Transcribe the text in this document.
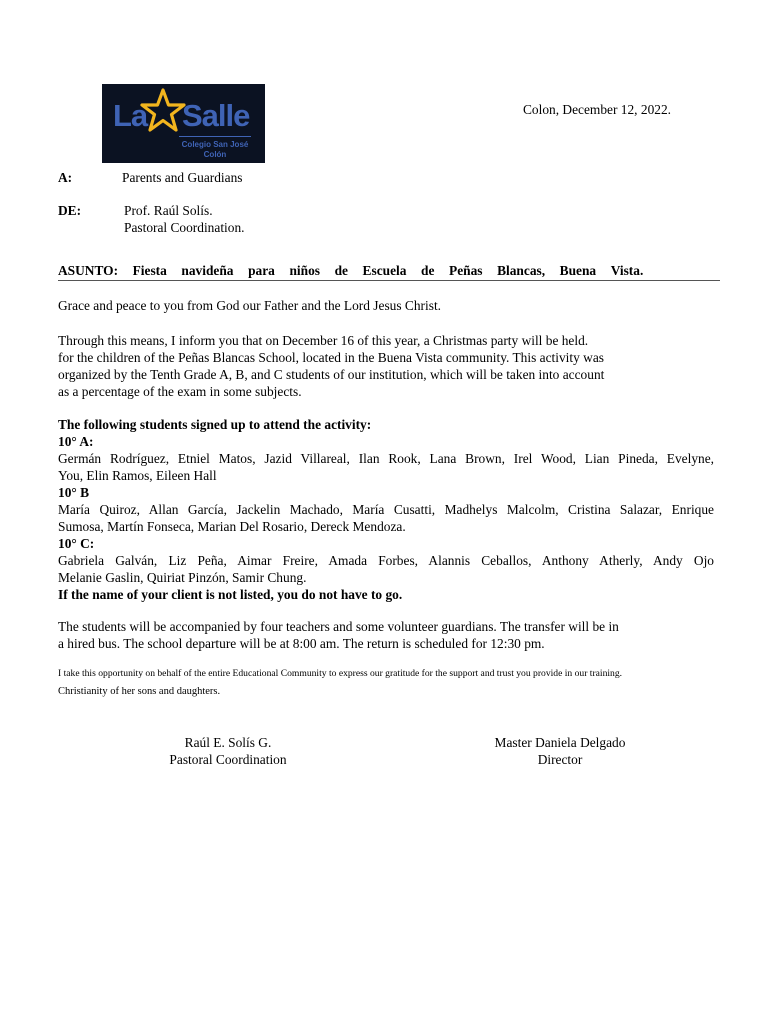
La Salle
Colegio San José
Colón
Colon, December 12, 2022.
A:	Parents and Guardians
DE:	Prof. Raúl Solís.
Pastoral Coordination.
ASUNTO: Fiesta navideña para niños de Escuela de Peñas Blancas, Buena Vista.
Grace and peace to you from God our Father and the Lord Jesus Christ.
Through this means, I inform you that on December 16 of this year, a Christmas party will be held.
for the children of the Peñas Blancas School, located in the Buena Vista community. This activity was
organized by the Tenth Grade A, B, and C students of our institution, which will be taken into account
as a percentage of the exam in some subjects.
The following students signed up to attend the activity:
10° A:
Germán Rodríguez, Etniel Matos, Jazid Villareal, Ilan Rook, Lana Brown, Irel Wood, Lian Pineda, Evelyne,
You, Elin Ramos, Eileen Hall
10° B
María Quiroz, Allan García, Jackelin Machado, María Cusatti, Madhelys Malcolm, Cristina Salazar, Enrique
Sumosa, Martín Fonseca, Marian Del Rosario, Dereck Mendoza.
10° C:
Gabriela Galván, Liz Peña, Aimar Freire, Amada Forbes, Alannis Ceballos, Anthony Atherly, Andy Ojo
Melanie Gaslin, Quiriat Pinzón, Samir Chung.
If the name of your client is not listed, you do not have to go.
The students will be accompanied by four teachers and some volunteer guardians. The transfer will be in
a hired bus. The school departure will be at 8:00 am. The return is scheduled for 12:30 pm.
I take this opportunity on behalf of the entire Educational Community to express our gratitude for the support and trust you provide in our training.
Christianity of her sons and daughters.
Raúl E. Solís G.
Pastoral Coordination
Master Daniela Delgado
Director
